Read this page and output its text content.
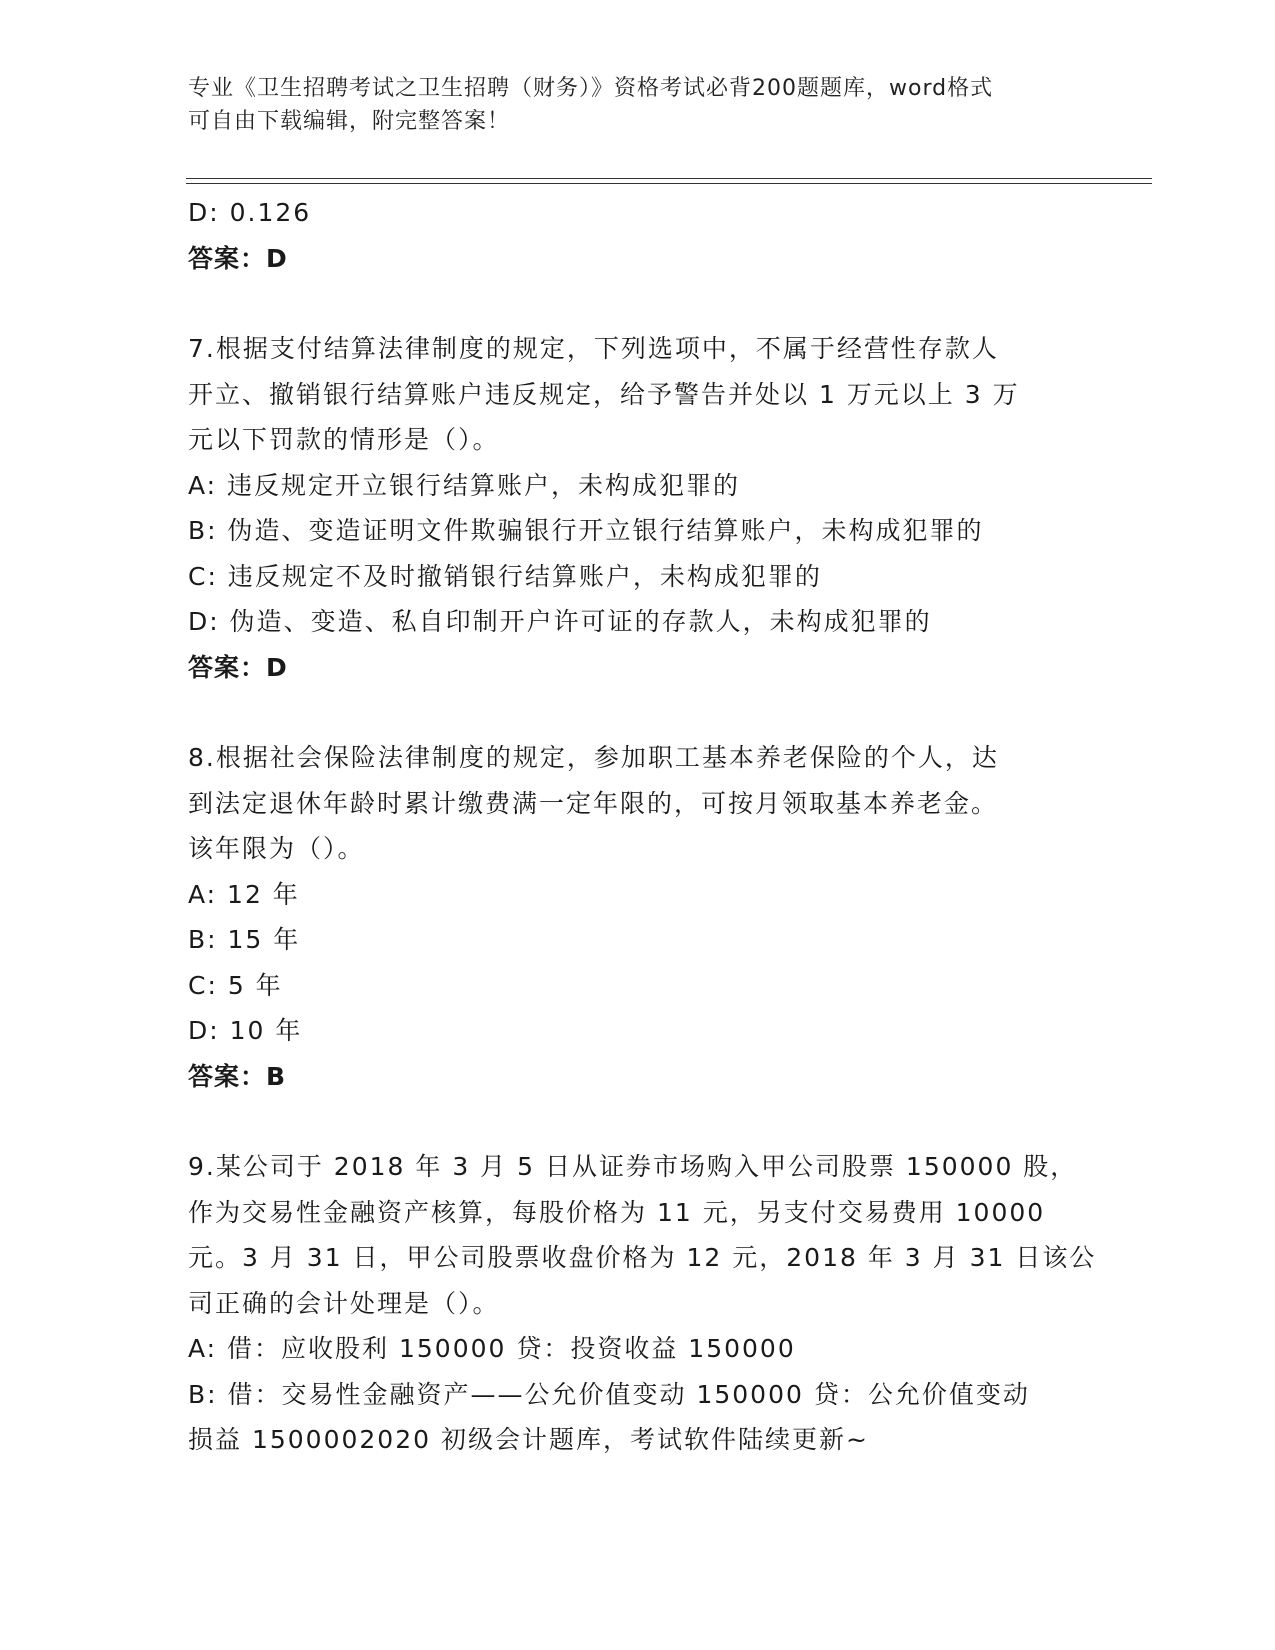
专业《卫生招聘考试之卫生招聘（财务）》资格考试必背200题题库，word格式
可自由下载编辑，附完整答案！
D: 0.126
答案：D
7.根据支付结算法律制度的规定，下列选项中，不属于经营性存款人
开立、撤销银行结算账户违反规定，给予警告并处以 1 万元以上 3 万
元以下罚款的情形是（）。
A: 违反规定开立银行结算账户，未构成犯罪的
B: 伪造、变造证明文件欺骗银行开立银行结算账户，未构成犯罪的
C: 违反规定不及时撤销银行结算账户，未构成犯罪的
D: 伪造、变造、私自印制开户许可证的存款人，未构成犯罪的
答案：D
8.根据社会保险法律制度的规定，参加职工基本养老保险的个人，达
到法定退休年龄时累计缴费满一定年限的，可按月领取基本养老金。
该年限为（）。
A: 12 年
B: 15 年
C: 5 年
D: 10 年
答案：B
9.某公司于 2018 年 3 月 5 日从证券市场购入甲公司股票 150000 股，
作为交易性金融资产核算，每股价格为 11 元，另支付交易费用 10000
元。3 月 31 日，甲公司股票收盘价格为 12 元，2018 年 3 月 31 日该公
司正确的会计处理是（）。
A: 借：应收股利 150000 贷：投资收益 150000
B: 借：交易性金融资产——公允价值变动 150000 贷：公允价值变动
损益 1500002020 初级会计题库，考试软件陆续更新~
